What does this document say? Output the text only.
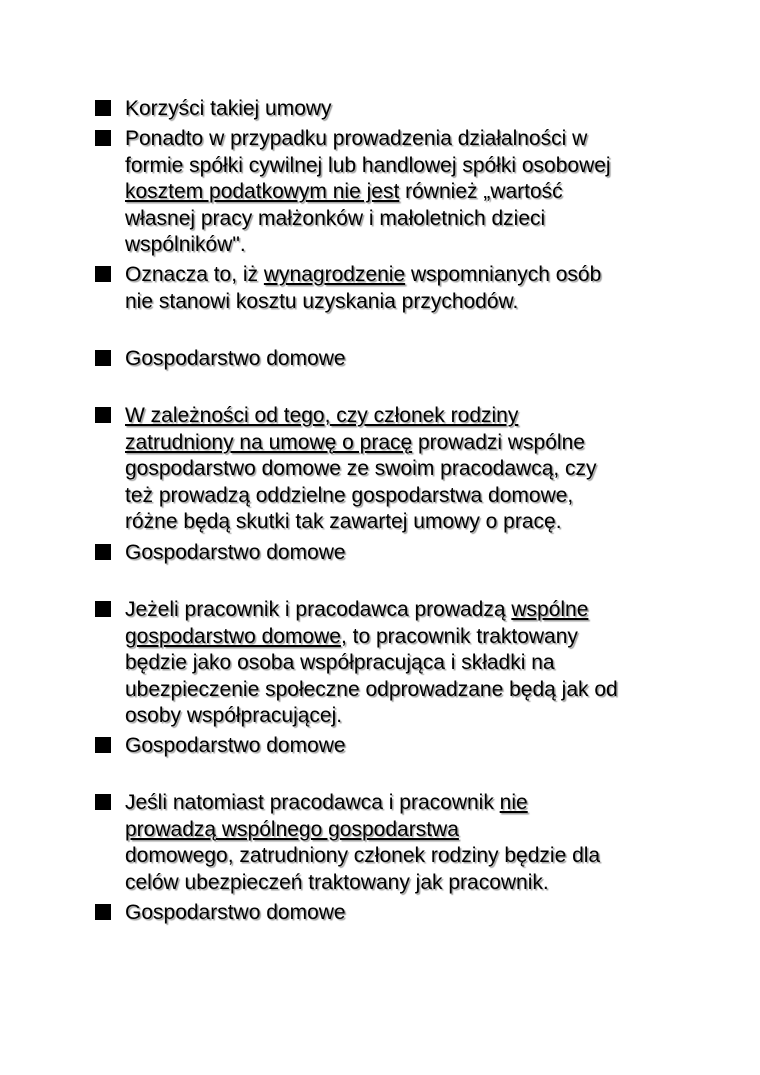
Korzyści takiej umowy
Ponadto w przypadku prowadzenia działalności w
formie spółki cywilnej lub handlowej spółki osobowej
kosztem podatkowym nie jest również „wartość
własnej pracy małżonków i małoletnich dzieci
wspólników".
Oznacza to, iż wynagrodzenie wspomnianych osób
nie stanowi kosztu uzyskania przychodów.
Gospodarstwo domowe
W zależności od tego, czy członek rodziny
zatrudniony na umowę o pracę prowadzi wspólne
gospodarstwo domowe ze swoim pracodawcą, czy
też prowadzą oddzielne gospodarstwa domowe,
różne będą skutki tak zawartej umowy o pracę.
Gospodarstwo domowe
Jeżeli pracownik i pracodawca prowadzą wspólne
gospodarstwo domowe, to pracownik traktowany
będzie jako osoba współpracująca i składki na
ubezpieczenie społeczne odprowadzane będą jak od
osoby współpracującej.
Gospodarstwo domowe
Jeśli natomiast pracodawca i pracownik nie
prowadzą wspólnego gospodarstwa
domowego, zatrudniony członek rodziny będzie dla
celów ubezpieczeń traktowany jak pracownik.
Gospodarstwo domowe
